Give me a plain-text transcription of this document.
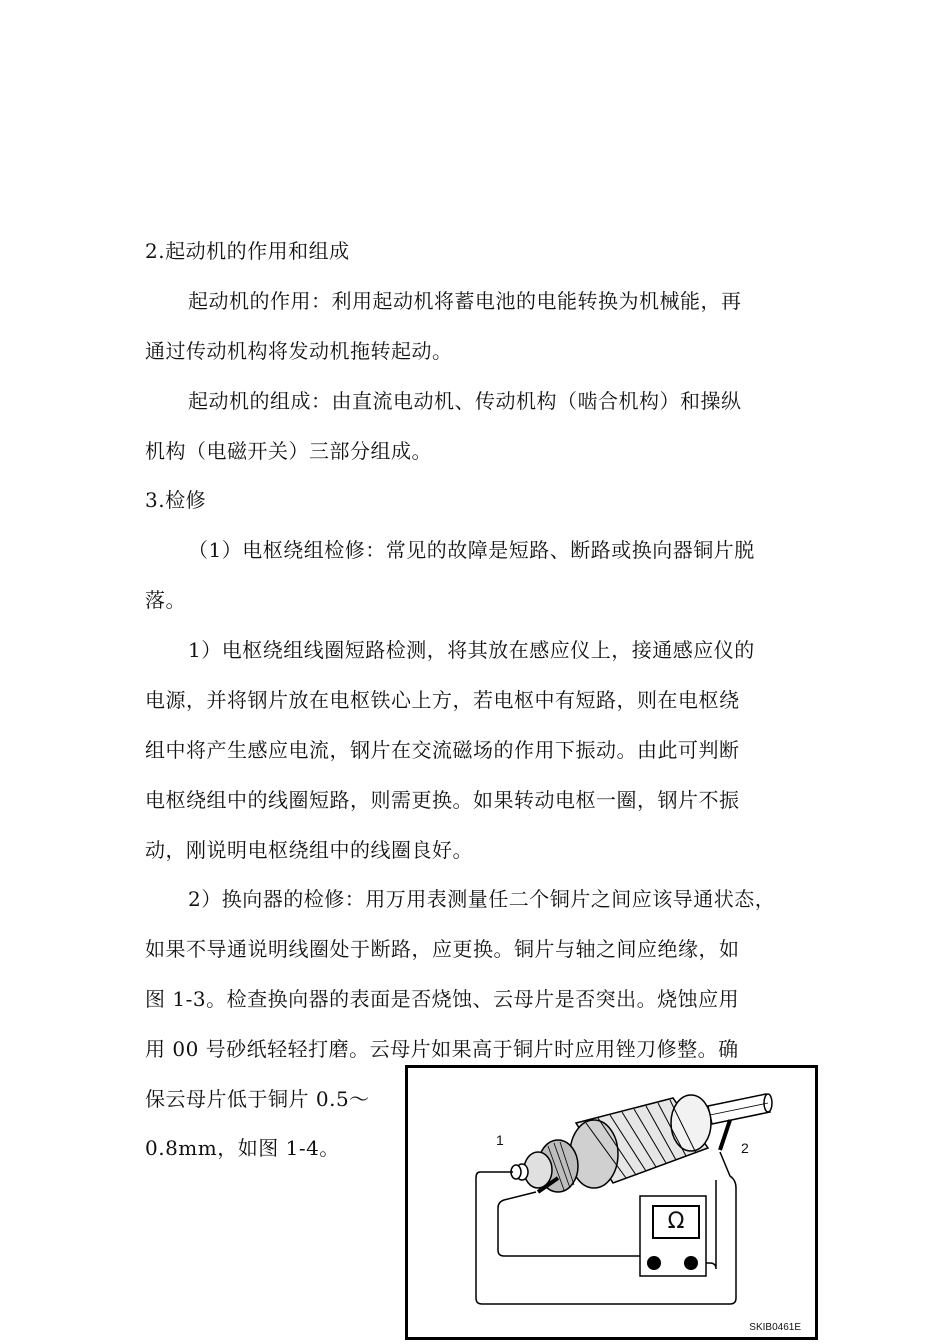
2.起动机的作用和组成
起动机的作用：利用起动机将蓄电池的电能转换为机械能，再
通过传动机构将发动机拖转起动。
起动机的组成：由直流电动机、传动机构（啮合机构）和操纵
机构（电磁开关）三部分组成。
3.检修
（1）电枢绕组检修：常见的故障是短路、断路或换向器铜片脱
落。
1）电枢绕组线圈短路检测，将其放在感应仪上，接通感应仪的
电源，并将钢片放在电枢铁心上方，若电枢中有短路，则在电枢绕
组中将产生感应电流，钢片在交流磁场的作用下振动。由此可判断
电枢绕组中的线圈短路，则需更换。如果转动电枢一圈，钢片不振
动，刚说明电枢绕组中的线圈良好。
2）换向器的检修：用万用表测量任二个铜片之间应该导通状态，
如果不导通说明线圈处于断路，应更换。铜片与轴之间应绝缘，如
图 1-3。检查换向器的表面是否烧蚀、云母片是否突出。烧蚀应用
用 00 号砂纸轻轻打磨。云母片如果高于铜片时应用锉刀修整。确
保云母片低于铜片 0.5～
0.8mm，如图 1-4。
Ω
1	2
SKIB0461E
